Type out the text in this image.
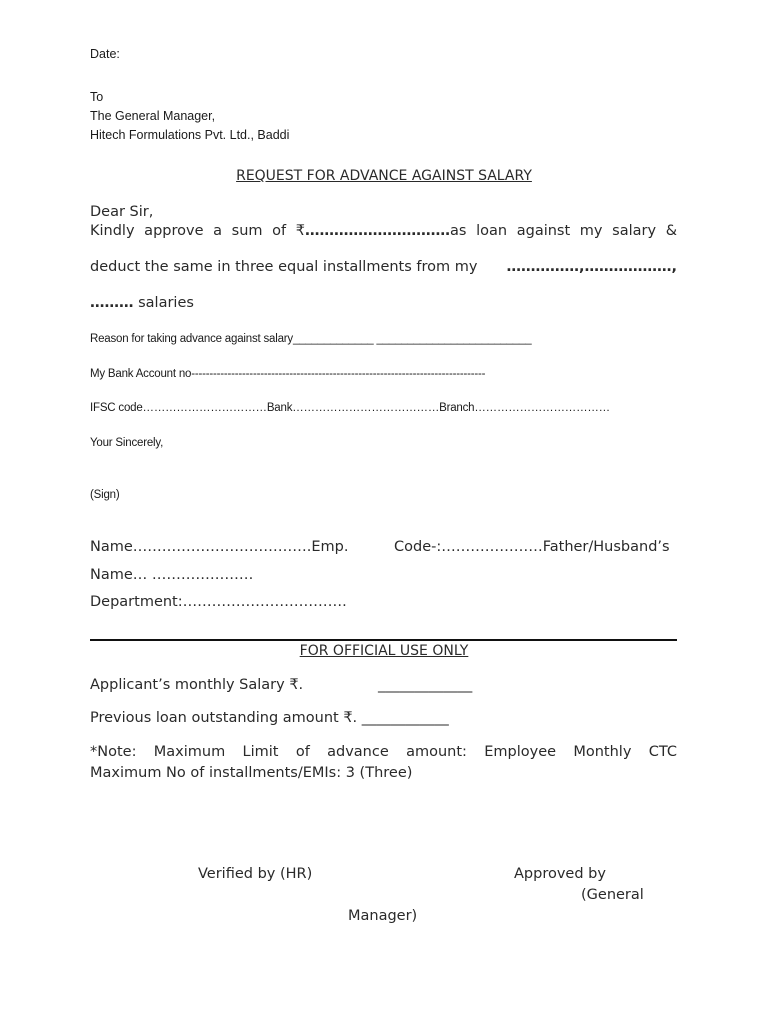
Date:
To
The General Manager,
Hitech Formulations Pvt. Ltd., Baddi
REQUEST FOR ADVANCE AGAINST SALARY
Dear Sir,
Kindly approve a sum of ₹…………………………as loan against my salary &
deduct the same in three equal installments from my ……………,………………,
……… salaries
Reason for taking advance against salary_____________ _________________________
My Bank Account no---------------------------------------------------------------------------------
IFSC code……………………………Bank…………………………………Branch………………………………
Your Sincerely,
(Sign)
Name……………………………….Emp.	Code-:…………………Father/Husband’s
Name… …………………
Department:…………………………….
FOR OFFICIAL USE ONLY
Applicant’s monthly Salary ₹.	_____________
Previous loan outstanding amount ₹. ____________
*Note: Maximum Limit of advance amount: Employee Monthly CTC
Maximum No of installments/EMIs: 3 (Three)
Verified by (HR)	Approved by
(General
Manager)
